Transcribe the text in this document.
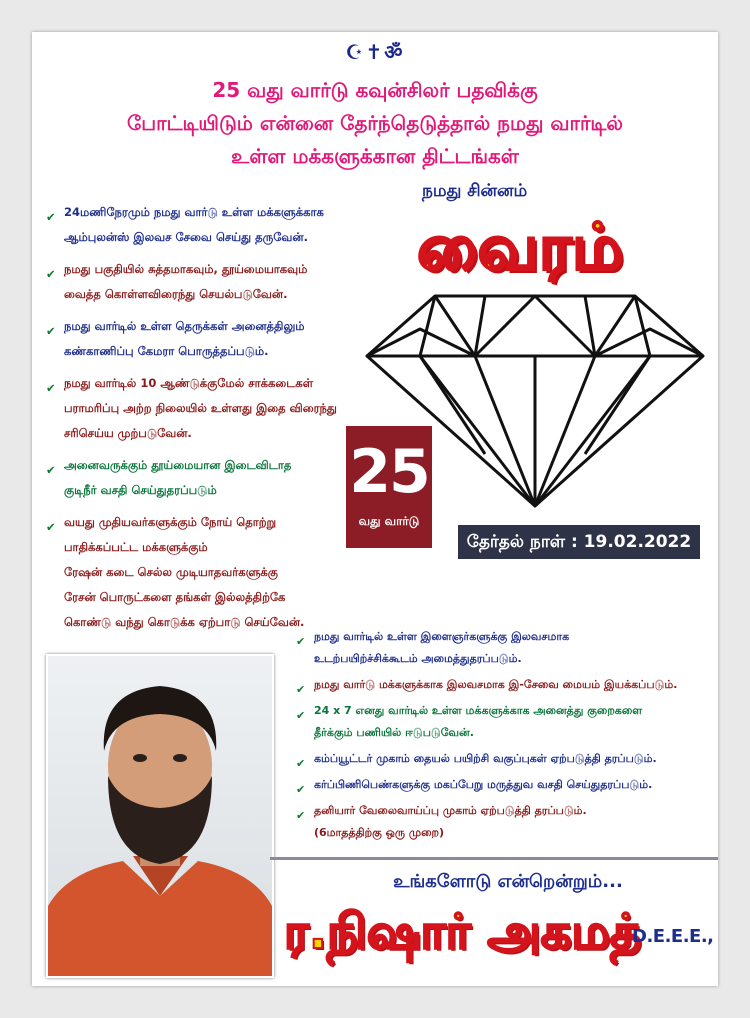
☪✝ॐ
25 வது வார்டு கவுன்சிலர் பதவிக்கு
போட்டியிடும் என்னை தேர்ந்தெடுத்தால் நமது வார்டில்
உள்ள மக்களுக்கான திட்டங்கள்
✔ 24மணிநேரமும் நமது வார்டு உள்ள மக்களுக்காக
ஆம்புலன்ஸ் இலவச சேவை செய்து தருவேன்.
✔ நமது பகுதியில் சுத்தமாகவும், தூய்மையாகவும்
வைத்த கொள்ளவிரைந்து செயல்படுவேன்.
✔ நமது வார்டில் உள்ள தெருக்கள் அனைத்திலும்
கண்காணிப்பு கேமரா பொருத்தப்படும்.
✔ நமது வார்டில் 10 ஆண்டுக்குமேல் சாக்கடைகள்
பராமரிப்பு அற்ற நிலையில் உள்ளது இதை விரைந்து
சரிசெய்ய முற்படுவேன்.
✔ அனைவருக்கும் தூய்மையான இடைவிடாத
குடிநீர் வசதி செய்துதரப்படும்
✔ வயது முதியவர்களுக்கும் நோய் தொற்று
பாதிக்கப்பட்ட மக்களுக்கும்
ரேஷன் கடை செல்ல முடியாதவர்களுக்கு
ரேசன் பொருட்களை தங்கள் இல்லத்திற்கே
கொண்டு வந்து கொடுக்க ஏற்பாடு செய்வேன்.
நமது சின்னம்
வைரம்
25
வது வார்டு
தேர்தல் நாள் : 19.02.2022
✔ நமது வார்டில் உள்ள இளைஞர்களுக்கு இலவசமாக
உடற்பயிற்ச்சிக்கூடம் அமைத்துதரப்படும்.
✔ நமது வார்டு மக்களுக்காக இலவசமாக இ-சேவை மையம் இயக்கப்படும்.
✔ 24 x 7 எனது வார்டில் உள்ள மக்களுக்காக அனைத்து குறைகளை
தீர்க்கும் பணியில் ஈடுபடுவேன்.
✔ கம்ப்யூட்டர் முகாம் தையல் பயிற்சி வகுப்புகள் ஏற்படுத்தி தரப்படும்.
✔ கர்ப்பிணிபெண்களுக்கு மகப்பேறு மருத்துவ வசதி செய்துதரப்படும்.
✔ தனியார் வேலைவாய்ப்பு முகாம் ஏற்படுத்தி தரப்படும்.
(6மாதத்திற்கு ஒரு முறை)
உங்களோடு என்றென்றும்...
ர.நிஷார் அகமத்
D.E.E.E.,
